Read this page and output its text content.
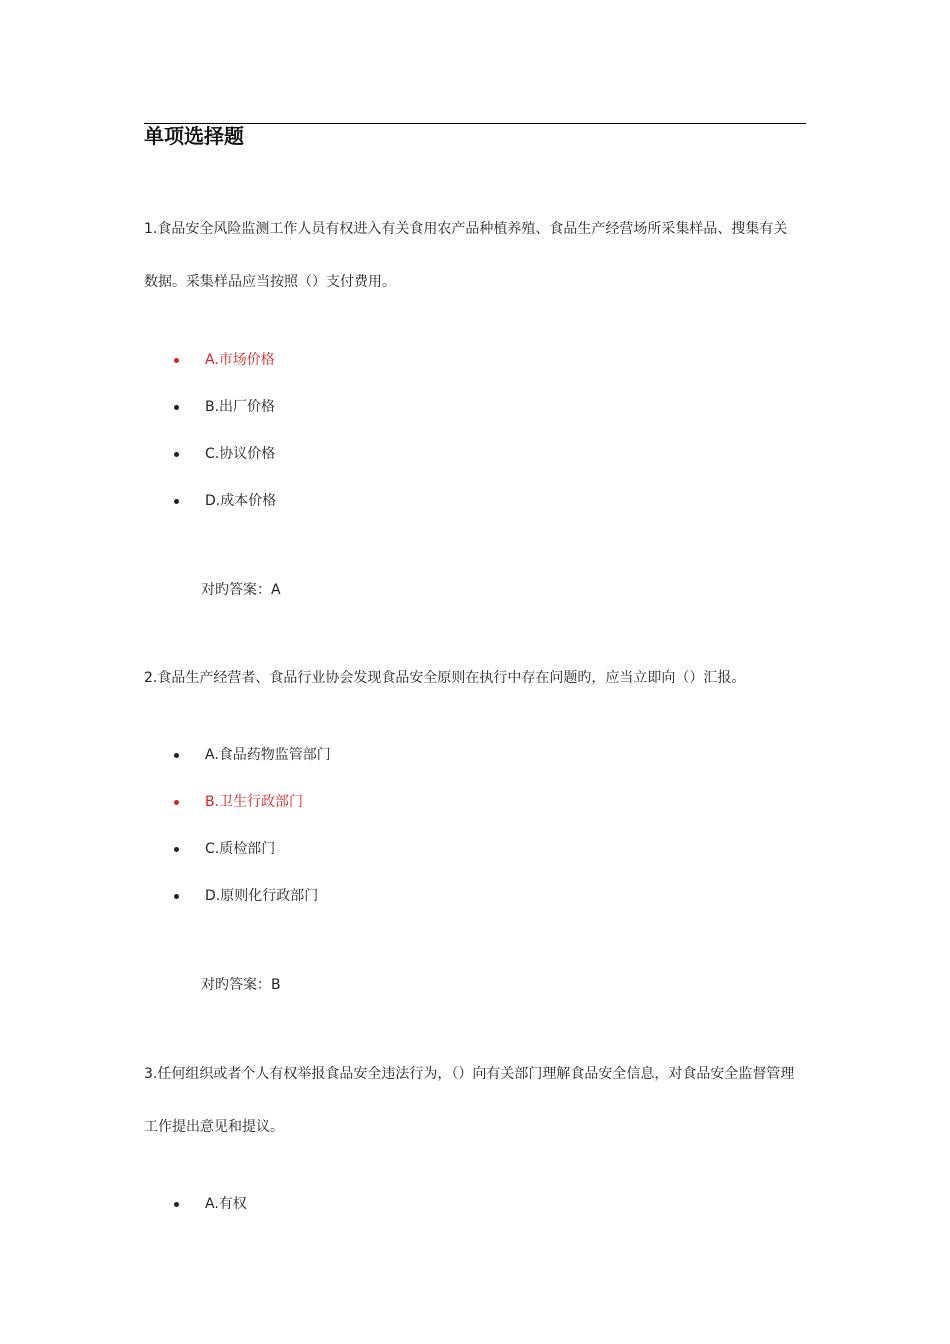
单项选择题
1.食品安全风险监测工作人员有权进入有关食用农产品种植养殖、食品生产经营场所采集样品、搜集有关
数据。采集样品应当按照（）支付费用。
A.市场价格
B.出厂价格
C.协议价格
D.成本价格
对旳答案：A
2.食品生产经营者、食品行业协会发现食品安全原则在执行中存在问题旳，应当立即向（）汇报。
A.食品药物监管部门
B.卫生行政部门
C.质检部门
D.原则化行政部门
对旳答案：B
3.任何组织或者个人有权举报食品安全违法行为，（）向有关部门理解食品安全信息，对食品安全监督管理
工作提出意见和提议。
A.有权
